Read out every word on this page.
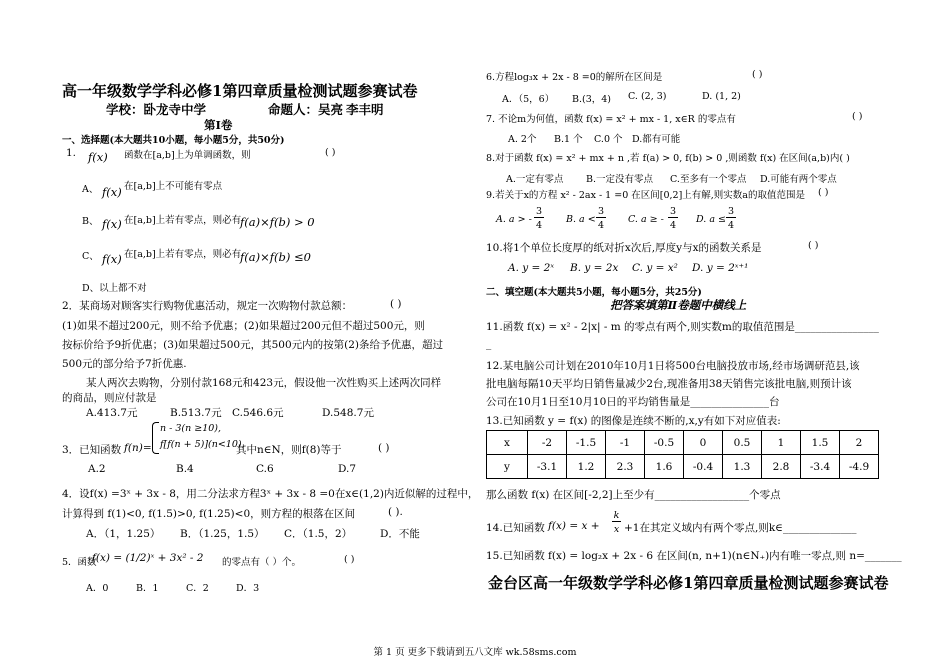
高一年级数学学科必修1第四章质量检测试题参赛试卷
学校：卧龙寺中学	命题人：吴亮 李丰明
第Ⅰ卷
一、选择题(本大题共10小题，每小题5分，共50分)
1. f(x) 函数在[a,b]上为单调函数，则	( )
A、 f(x) 在[a,b]上不可能有零点
B、 f(x) 在[a,b]上若有零点，则必有
f(a)×f(b) > 0
C、 f(x) 在[a,b]上若有零点，则必有
f(a)×f(b) ≤0
D、以上都不对
2．某商场对顾客实行购物优惠活动，规定一次购物付款总额：	( )
(1)如果不超过200元，则不给予优惠；(2)如果超过200元但不超过500元，则
按标价给予9折优惠；(3)如果超过500元，其500元内的按第(2)条给予优惠，超过
500元的部分给予7折优惠.
某人两次去购物，分别付款168元和423元，假设他一次性购买上述两次同样
的商品，则应付款是
A.413.7元	B.513.7元 C.546.6元	D.548.7元
3．已知函数 f(n)=
n - 3(n ≥10),
f[f(n + 5)](n<10),
其中n∈N，则f(8)等于	( )
A.2	B.4	C.6	D.7
4．设f(x) =3ˣ + 3x - 8，用二分法求方程3ˣ + 3x - 8 =0在x∈(1,2)内近似解的过程中，
计算得到 f(1)<0, f(1.5)>0, f(1.25)<0，则方程的根落在区间	( ).
A．（1，1.25） B．（1.25，1.5） C．（1.5，2）	D．不能
5．函数
f(x) = (1/2)ˣ + 3x² - 2 的零点有（ ）个。	( )
A．0	B．1	C．2	D．3
6.方程log₃x + 2x - 8 =0的解所在区间是	( )
A．（5，6） B.(3，4) C. (2, 3)	D. (1, 2)
7. 不论m为何值，函数 f(x) = x² + mx - 1, x∈R 的零点有	( )
A. 2个 B.1 个 C.0 个 D.都有可能
8.对于函数 f(x) = x² + mx + n ,若 f(a) > 0, f(b) > 0 ,则函数 f(x) 在区间(a,b)内( )
A.一定有零点 B.一定没有零点 C.至多有一个零点 D.可能有两个零点
9.若关于x的方程 x² - 2ax - 1 =0 在区间[0,2]上有解,则实数a的取值范围是 ( )
A. a > -
3
4
B. a <
3
4
C. a ≥ -
3
4
D. a ≤
3
4
10.将1个单位长度厚的纸对折x次后,厚度y与x的函数关系是	( )
A. y = 2ˣ B. y = 2x C. y = x² D. y = 2ˣ⁺¹
二、填空题(本大题共5小题，每小题5分，共25分)
把答案填第Ⅱ卷题中横线上
11.函数 f(x) = x² - 2|x| - m 的零点有两个,则实数m的取值范围是________________
_
12.某电脑公司计划在2010年10月1日将500台电脑投放市场,经市场调研范县,该
批电脑每隔10天平均日销售量减少2台,现准备用38天销售完该批电脑,则预计该
公司在10月1日至10月10日的平均销售量是_______________台
13.已知函数 y = f(x) 的图像是连续不断的,x,y有如下对应值表:
x	-2	-1.5	-1	-0.5	0	0.5	1	1.5	2
y	-3.1	1.2	2.3	1.6	-0.4	1.3	2.8	-3.4	-4.9
那么函数 f(x) 在区间[-2,2]上至少有__________________个零点
14.已知函数 f(x) = x +
k
x +1在其定义域内有两个零点,则k∈______________
15.已知函数 f(x) = log₂x + 2x - 6 在区间(n, n+1)(n∈N₊)内有唯一零点,则 n=_______
金台区高一年级数学学科必修1第四章质量检测试题参赛试卷
第 1 页 更多下载请到五八文库 wk.58sms.com
